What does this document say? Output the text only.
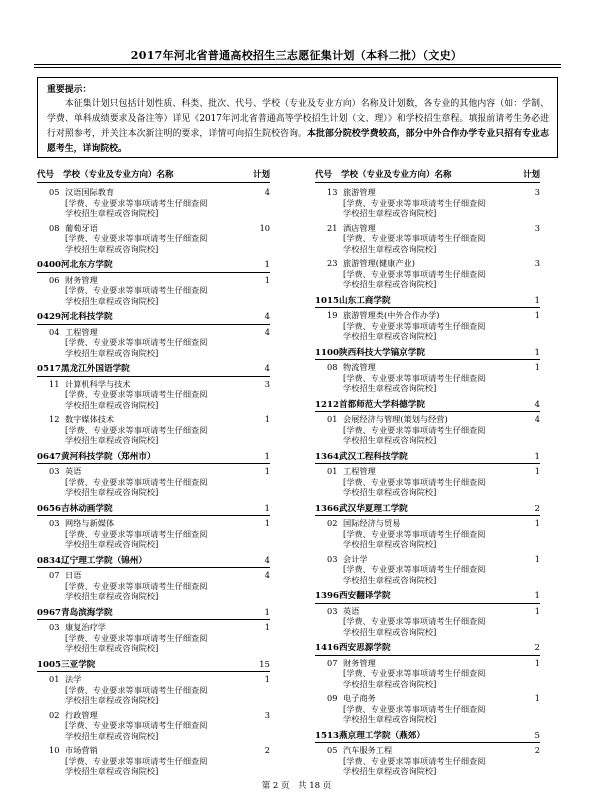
2017年河北省普通高校招生三志愿征集计划（本科二批）（文史）
重要提示：

本征集计划只包括计划性质、科类、批次、代号、学校（专业及专业方向）名称及计划数，各专业的其他内容（如：学制、学费、单科成绩要求及备注等）详见《2017年河北省普通高等学校招生计划（文、理）》和学校招生章程。填报前请考生务必进行对照参考，并关注本次新注明的要求，详情可向招生院校咨询。本批部分院校学费较高，部分中外合作办学专业只招有专业志愿考生，详询院校。

代号 学校（专业及专业方向）名称	计划
05 汉语国际教育	4
[学费、专业要求等事项请考生仔细查阅
学校招生章程或咨询院校]
08 葡萄牙语	10
[学费、专业要求等事项请考生仔细查阅
学校招生章程或咨询院校]
0400 河北东方学院	1
06 财务管理	1
[学费、专业要求等事项请考生仔细查阅
学校招生章程或咨询院校]
0429 河北科技学院	4
04 工程管理	4
[学费、专业要求等事项请考生仔细查阅
学校招生章程或咨询院校]
0517 黑龙江外国语学院	4
11 计算机科学与技术	3
[学费、专业要求等事项请考生仔细查阅
学校招生章程或咨询院校]
12 数字媒体技术	1
[学费、专业要求等事项请考生仔细查阅
学校招生章程或咨询院校]
0647 黄河科技学院（郑州市）	1
03 英语	1
[学费、专业要求等事项请考生仔细查阅
学校招生章程或咨询院校]
0656 吉林动画学院	1
03 网络与新媒体	1
[学费、专业要求等事项请考生仔细查阅
学校招生章程或咨询院校]
0834 辽宁理工学院（锦州）	4
07 日语	4
[学费、专业要求等事项请考生仔细查阅
学校招生章程或咨询院校]
0967 青岛滨海学院	1
03 康复治疗学	1
[学费、专业要求等事项请考生仔细查阅
学校招生章程或咨询院校]
1005 三亚学院	15
01 法学	1
[学费、专业要求等事项请考生仔细查阅
学校招生章程或咨询院校]
02 行政管理	3
[学费、专业要求等事项请考生仔细查阅
学校招生章程或咨询院校]
10 市场营销	2
[学费、专业要求等事项请考生仔细查阅
学校招生章程或咨询院校]
代号 学校（专业及专业方向）名称	计划
13 旅游管理	3
[学费、专业要求等事项请考生仔细查阅
学校招生章程或咨询院校]
21 酒店管理	3
[学费、专业要求等事项请考生仔细查阅
学校招生章程或咨询院校]
23 旅游管理(健康产业)	3
[学费、专业要求等事项请考生仔细查阅
学校招生章程或咨询院校]
1015 山东工商学院	1
19 旅游管理类(中外合作办学)	1
[学费、专业要求等事项请考生仔细查阅
学校招生章程或咨询院校]
1100 陕西科技大学镐京学院	1
08 物流管理	1
[学费、专业要求等事项请考生仔细查阅
学校招生章程或咨询院校]
1212 首都师范大学科德学院	4
01 会展经济与管理(策划与经营)	4
[学费、专业要求等事项请考生仔细查阅
学校招生章程或咨询院校]
1364 武汉工程科技学院	1
01 工程管理	1
[学费、专业要求等事项请考生仔细查阅
学校招生章程或咨询院校]
1366 武汉华夏理工学院	2
02 国际经济与贸易	1
[学费、专业要求等事项请考生仔细查阅
学校招生章程或咨询院校]
03 会计学	1
[学费、专业要求等事项请考生仔细查阅
学校招生章程或咨询院校]
1396 西安翻译学院	1
03 英语	1
[学费、专业要求等事项请考生仔细查阅
学校招生章程或咨询院校]
1416 西安思源学院	2
07 财务管理	1
[学费、专业要求等事项请考生仔细查阅
学校招生章程或咨询院校]
09 电子商务	1
[学费、专业要求等事项请考生仔细查阅
学校招生章程或咨询院校]
1513 燕京理工学院（燕郊）	5
05 汽车服务工程	2
[学费、专业要求等事项请考生仔细查阅
学校招生章程或咨询院校]
第 2 页　共 18 页
